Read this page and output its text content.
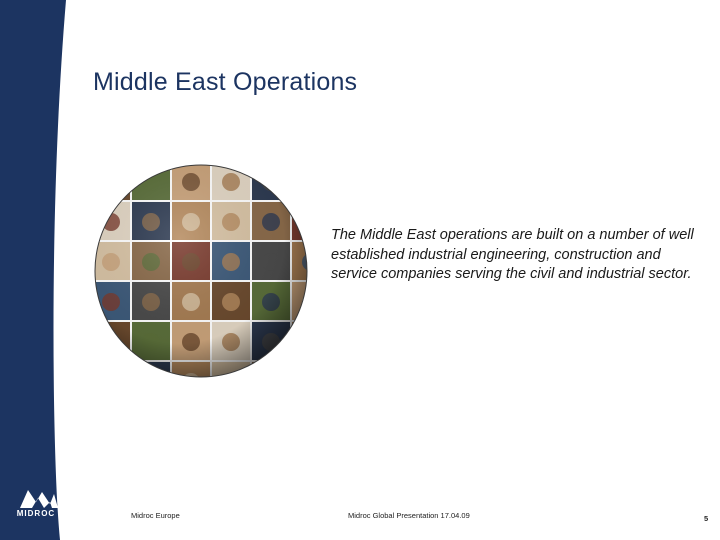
Middle East Operations
The Middle East operations are built on a number of well established industrial engineering, construction and service companies serving the civil and industrial sector.
MIDROC	Midroc Europe	Midroc Global Presentation 17.04.09	5
